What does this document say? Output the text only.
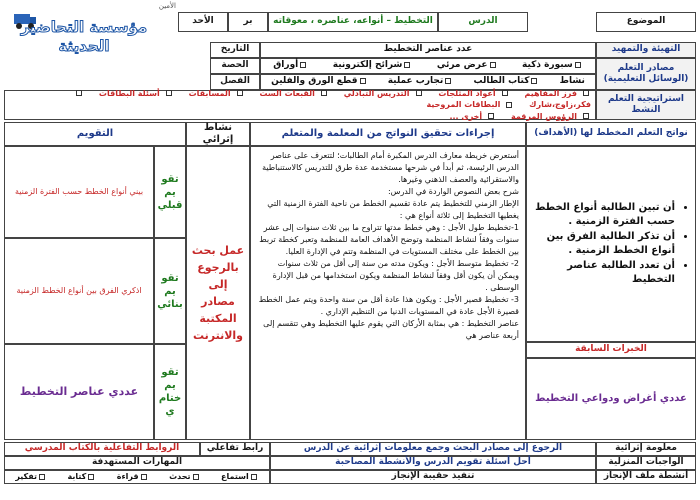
الأمين
مؤسسة التحاضير الحديثة
الموضوع
الدرس
التخطيط – أنواعه، عناصره ، معوقاته
بر
الأحد
التهيئة والتمهيد
عدد عناصر التخطيط
التاريخ
الحصة
الفصل
مصادر التعلم (الوسائل التعليمية)
سبورة ذكية
عرض مرئي
شرائح إلكترونية
أوراق
نشاط
كتاب الطالب
تجارب عملية
قطع الورق والفلين
استراتيجية التعلم النشط
فرز المفاهيم أعواد المثلجات التدريس التبادلي القبعات الست المسابقات أسئلة البطاقات فكر،زاوج،شارك البطاقات المروحية
الرؤوس المرقمة أخرى ...
نواتج التعلم المخطط لها (الأهداف)
إجراءات تحقيق النواتج من المعلمة والمتعلم
نشاط إثرائي
التقويم
• أن تبين الطالبة أنواع الخطط حسب الفترة الزمنية .
• أن تذكر الطالبة الفرق بين أنواع الخطط الزمنية .
• أن تعدد الطالبة عناصر التخطيط
الخبرات السابقة
عددي أغراض ودواعي التخطيط

أستعرض خريطة معارف الدرس المكبرة أمام الطالبات؛ لتتعرف على عناصر الدرس الرئيسة، ثم أبدأ في شرحها مستخدمة عدة طرق للتدريس كالاستنباطية والاستقرائية والعصف الذهني وغيرها.

شرح بعض النصوص الواردة في الدرس:

الإطار الزمني للتخطيط يتم عادة تقسيم الخطط من ناحية الفترة الزمنية التي يغطيها التخطيط إلى ثلاثة أنواع هي :

1-تخطيط طول الأجل : وهي خطط مدتها تتراوح ما بين ثلاث سنوات إلى عشر سنوات وفقاً لنشاط المنظمة وتوضح الأهداف العامة للمنظمة وتعبر كخطة تربط بين الخطط على مختلف المستويات في المنظمة وتتم في الإدارة العليا.

2- تخطيط متوسط الأجل : ويكون مدته من سنة إلى أقل من ثلاث سنوات ويمكن أن يكون أقل وفقاً لنشاط المنظمة ويكون استخدامها من قبل الإدارة الوسطى .

3- تخطيط قصير الأجل : ويكون هذا عادة أقل من سنة واحدة ويتم عمل الخطط قصيرة الأجل عادة في المستويات الدنيا من التنظيم الإداري .

عناصر التخطيط : هي بمثابة الأركان التي يقوم عليها التخطيط وهي تتقسم إلى أربعة عناصر هي

عمل بحث بالرجوع إلى مصادر المكتبة والانترنت
تقو يم قبلي
بيني أنواع الخطط حسب الفترة الزمنية
تقو يم بنائي
اذكري الفرق بين أنواع الخطط الزمنية
تقو يم ختام ي
عددي عناصر التخطيط
معلومة إثرائية
الرجوع إلى مصادر البحث وجمع معلومات إثرائية عن الدرس
رابط تفاعلي
الروابط التفاعلية بالكتاب المدرسي
الواجبات المنزلية
أحل أسئلة تقويم الدرس والأنشطة المصاحبة
المهارات المستهدفة
أنشطة ملف الإنجاز
تنفيذ حقيبة الإنجاز
استماع
تحدث
قراءة
كتابة
تفكير
